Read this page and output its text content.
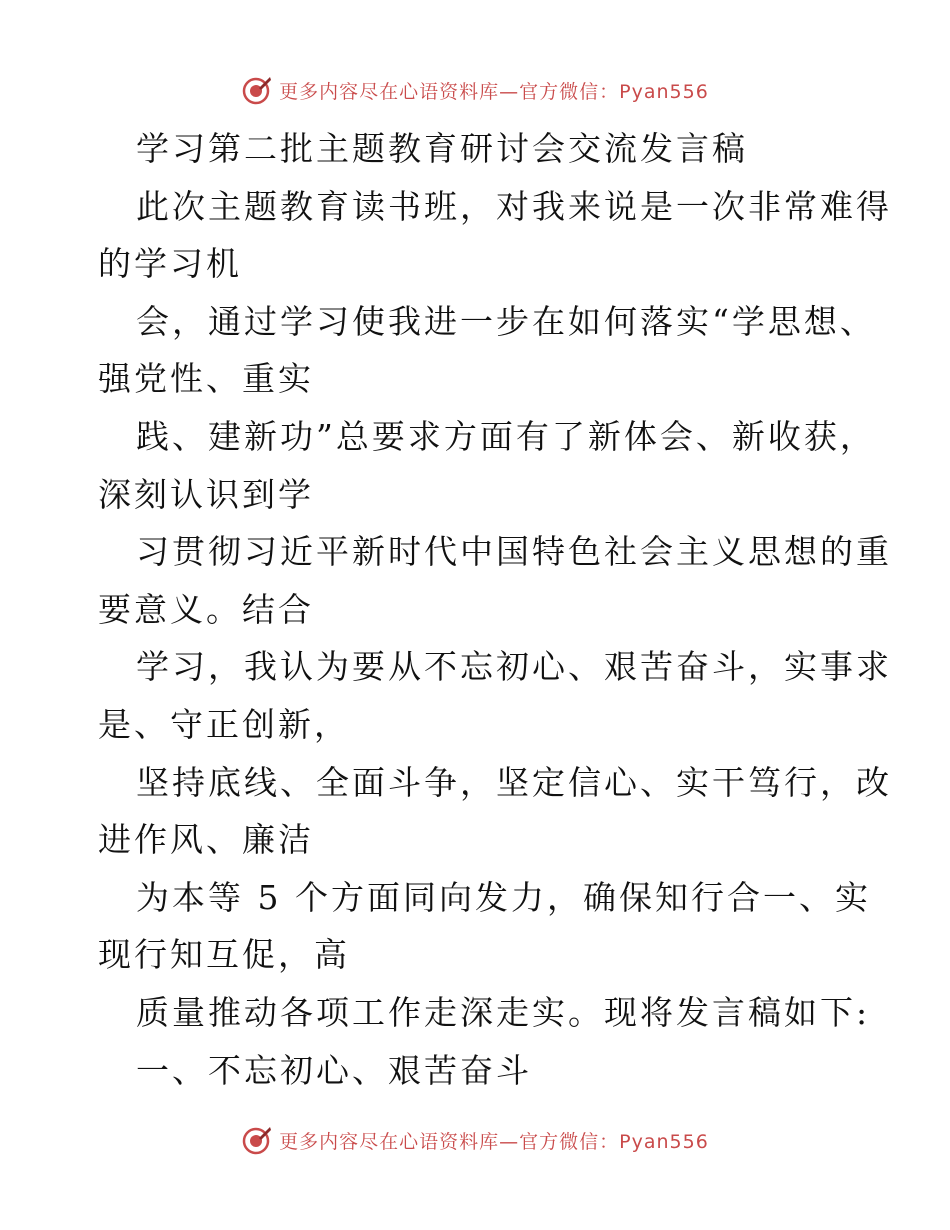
更多内容尽在心语资料库—官方微信：Pyan556
学习第二批主题教育研讨会交流发言稿
此次主题教育读书班，对我来说是一次非常难得
的学习机
会，通过学习使我进一步在如何落实“学思想、
强党性、重实
践、建新功”总要求方面有了新体会、新收获，
深刻认识到学
习贯彻习近平新时代中国特色社会主义思想的重
要意义。结合
学习，我认为要从不忘初心、艰苦奋斗，实事求
是、守正创新，
坚持底线、全面斗争，坚定信心、实干笃行，改
进作风、廉洁
为本等 5 个方面同向发力，确保知行合一、实
现行知互促，高
质量推动各项工作走深走实。现将发言稿如下:
一、不忘初心、艰苦奋斗
更多内容尽在心语资料库—官方微信：Pyan556
